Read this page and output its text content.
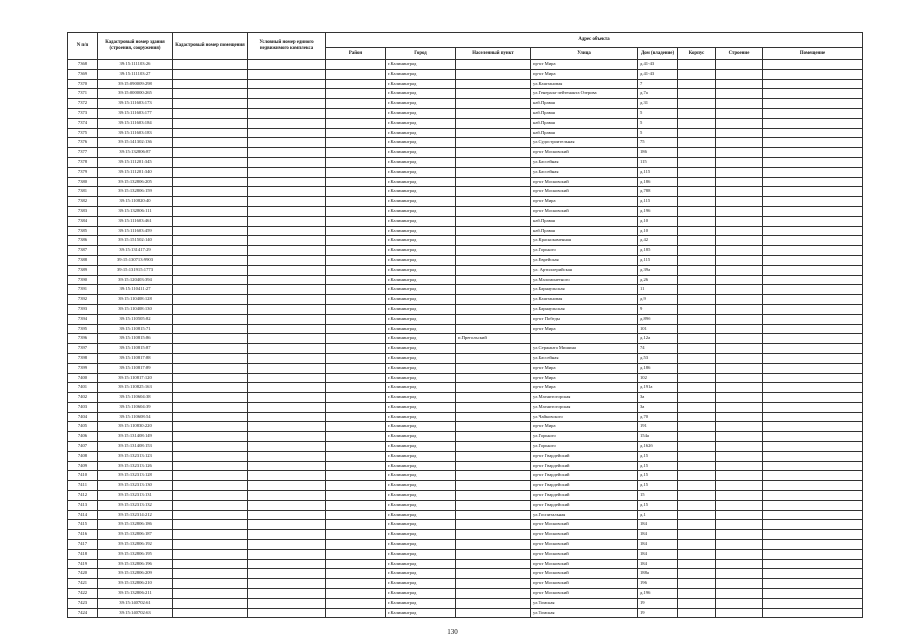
N п/п	Кадастровый номер здания (строения, сооружения)	Кадастровый номер помещения	Условный номер единого недвижимого комплекса	Адрес объекта							
				Район	Город	Населенный пункт	Улица	Дом (владение)	Корпус	Строение	Помещение
7368	39:15:111103:26				г.Калининград		пр-кт Мира	д.41-43			
7369	39:15:111103:27				г.Калининград		пр-кт Мира	д.41-43			
7370	39:15:090009:298				г.Калининград		ул.Каштановая	7			
7371	39:15:000000:265				г.Калининград		ул.Генерала-лейтенанта Озерова	д.7а			
7372	39:15:111603:173				г.Калининград		наб.Правая	д.31			
7373	39:15:111603:177				г.Калининград		наб.Правая	5			
7374	39:15:111603:184				г.Калининград		наб.Правая	5			
7375	39:15:111603:183				г.Калининград		наб.Правая	5			
7376	39:15:141302:136				г.Калининград		ул.Судостроительная	75			
7377	39:15:132806:87				г.Калининград		пр-кт Московский	186			
7378	39:15:111201:345				г.Калининград		ул.Бассейная	115			
7379	39:15:111201:340				г.Калининград		ул.Бассейная	д.115			
7380	39:15:132806:205				г.Калининград		пр-кт Московский	д.186			
7381	39:15:132806:159				г.Калининград		пр-кт Московский	д.788			
7382	39:15:110820:40				г.Калининград		пр-кт Мира	д.115			
7383	39:15:132806:111				г.Калининград		пр-кт Московский	д.196			
7384	39:15:111603:461				г.Калининград		наб.Правая	д.10			
7385	39:15:111603:459				г.Калининград		наб.Правая	д.10			
7386	39:15:151502:140				г.Калининград		ул.Краснокаменная	д.42			
7387	39:15:131417:29				г.Калининград		ул.Горького	д.185			
7388	39:15:130713:9903				г.Калининград		ул.Еврейская	д.115			
7389	39:15:131915:1773				г.Калининград		ул. Артиллерийская	д.39а			
7390	39:15:120403:394				г.Калининград		ул.Маломонетного	д.26			
7391	39:15:110411:27				г.Калининград		ул.Барнаульская	11			
7392	39:15:110408:128				г.Калининград		ул.Каштановая	д.9			
7393	39:15:110408:130				г.Калининград		ул.Барнаульская	9			
7394	39:15:110505:82				г.Калининград		пр-кт Победы	д.89б			
7395	39:15:110815:71				г.Калининград		пр-кт Мира	101			
7396	39:15:110815:86				г.Калининград	п.Прегольский		д.12а			
7397	39:15:110815:87				г.Калининград		ул.Сержанта Мишина	74			
7398	39:15:110817:88				г.Калининград		ул.Бассейная	д.53			
7399	39:15:110817:89				г.Калининград		пр-кт Мира	д.186			
7400	39:15:110817:120				г.Калининград		пр-кт Мира	102			
7401	39:15:110825:163				г.Калининград		пр-кт Мира	д.191а			
7402	39:15:110604:38				г.Калининград		ул.Магнитогорская	3а			
7403	39:15:110604:39				г.Калининград		ул.Магнитогорская	3а			
7404	39:15:110608:54				г.Калининград		ул.Чайковского	д.70			
7405	39:15:110830:220				г.Калининград		пр-кт Мира	191			
7406	39:15:131408:149				г.Калининград		ул.Горького	154а			
7407	39:15:131408:153				г.Калининград		ул.Горького	д.162б			
7408	39:15:132313:123				г.Калининград		пр-кт Гвардейский	д.15			
7409	39:15:132313:126				г.Калининград		пр-кт Гвардейский	д.15			
7410	39:15:132313:128				г.Калининград		пр-кт Гвардейский	д.15			
7411	39:15:132313:130				г.Калининград		пр-кт Гвардейский	д.15			
7412	39:15:132313:131				г.Калининград		пр-кт Гвардейский	15			
7413	39:15:132313:132				г.Калининград		пр-кт Гвардейский	д.15			
7414	39:15:132314:212				г.Калининград		ул.Госпитальная	д.1			
7415	39:15:132806:186				г.Калининград		пр-кт Московский	184			
7416	39:15:132806:187				г.Калининград		пр-кт Московский	184			
7417	39:15:132806:192				г.Калининград		пр-кт Московский	184			
7418	39:15:132806:195				г.Калининград		пр-кт Московский	184			
7419	39:15:132806:196				г.Калининград		пр-кт Московский	184			
7420	39:15:132806:209				г.Калининград		пр-кт Московский	188а			
7421	39:15:132806:210				г.Калининград		пр-кт Московский	196			
7422	39:15:132806:211				г.Калининград		пр-кт Московский	д.196			
7423	39:15:140702:61				г.Калининград		ул.Томская	19			
7424	39:15:140702:63				г.Калининград		ул.Томская	19			
130
